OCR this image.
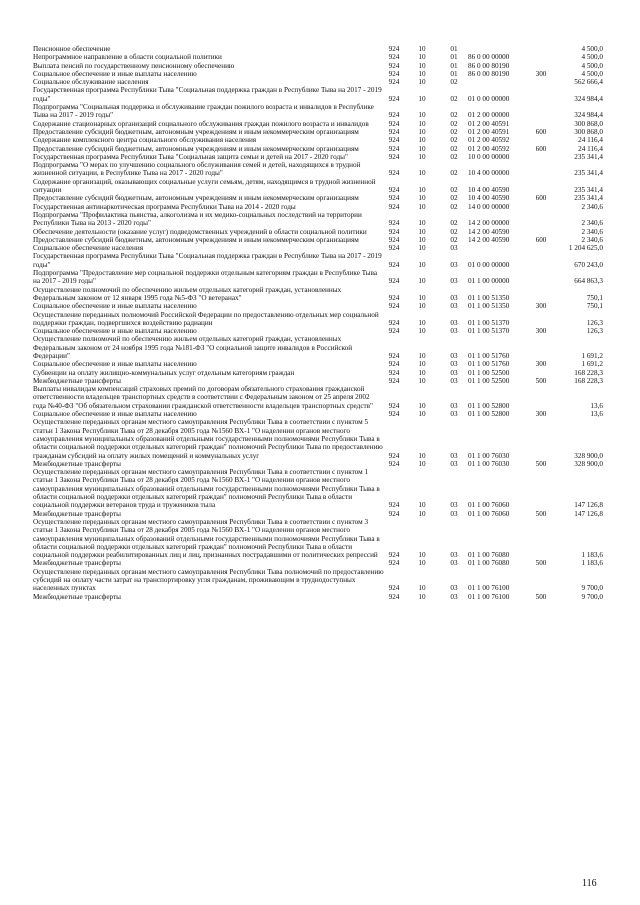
Пенсионное обеспечение	924	10	01			4 500,0
Непрограммное направление в области социальной политики	924	10	01	86 0 00 00000		4 500,0
Выплата пенсий по государственному пенсионному обеспечению	924	10	01	86 0 00 80190		4 500,0
Социальное обеспечение и иные выплаты населению	924	10	01	86 0 00 80190	300	4 500,0
Социальное обслуживание населения	924	10	02			562 666,4
Государственная программа Республики Тыва "Социальная поддержка граждан в Республике Тыва на 2017 - 2019 годы"	924	10	02	01 0 00 00000		324 984,4
Подпрограмма "Социальная поддержка и обслуживание граждан пожилого возраста и инвалидов в Республике Тыва на 2017 - 2019 годы"	924	10	02	01 2 00 00000		324 984,4
Содержание стационарных организаций социального обслуживания граждан пожилого возраста и инвалидов	924	10	02	01 2 00 40591		300 868,0
Предоставление субсидий бюджетным, автономным учреждениям и иным некоммерческим организациям	924	10	02	01 2 00 40591	600	300 868,0
Содержание комплексного центра социального обслуживания населения	924	10	02	01 2 00 40592		24 116,4
Предоставление субсидий бюджетным, автономным учреждениям и иным некоммерческим организациям	924	10	02	01 2 00 40592	600	24 116,4
Государственная программа Республики Тыва "Социальная защита семьи и детей на 2017 - 2020 годы"	924	10	02	10 0 00 00000		235 341,4
Подпрограмма "О мерах по улучшению социального обслуживания семей и детей, находящихся в трудной жизненной ситуации, в Республике Тыва на 2017 - 2020 годы"	924	10	02	10 4 00 00000		235 341,4
Содержание организаций, оказывающих социальные услуги семьям, детям, находящимся в трудной жизненной ситуации	924	10	02	10 4 00 40590		235 341,4
Предоставление субсидий бюджетным, автономным учреждениям и иным некоммерческим организациям	924	10	02	10 4 00 40590	600	235 341,4
Государственная антинаркотическая программа Республики Тыва на 2014 - 2020 годы	924	10	02	14 0 00 00000		2 340,6
Подпрограмма "Профилактика пьянства, алкоголизма и их медико-социальных последствий на территории Республики Тыва на 2013 - 2020 годы"	924	10	02	14 2 00 00000		2 340,6
Обеспечение деятельности (оказание услуг) подведомственных учреждений в области социальной политики	924	10	02	14 2 00 40590		2 340,6
Предоставление субсидий бюджетным, автономным учреждениям и иным некоммерческим организациям	924	10	02	14 2 00 40590	600	2 340,6
Социальное обеспечение населения	924	10	03			1 204 625,0
Государственная программа Республики Тыва "Социальная поддержка граждан в Республике Тыва на 2017 - 2019 годы"	924	10	03	01 0 00 00000		670 243,0
Подпрограмма "Предоставление мер социальной поддержки отдельным категориям граждан в Республике Тыва на 2017 - 2019 годы"	924	10	03	01 1 00 00000		664 863,3
Осуществление полномочий по обеспечению жильем отдельных категорий граждан, установленных Федеральным законом от 12 января 1995 года №5-ФЗ "О ветеранах"	924	10	03	01 1 00 51350		750,1
Социальное обеспечение и иные выплаты населению	924	10	03	01 1 00 51350	300	750,1
Осуществление переданных полномочий Российской Федерации по предоставлению отдельных мер социальной поддержки граждан, подвергшихся воздействию радиации	924	10	03	01 1 00 51370		126,3
Социальное обеспечение и иные выплаты населению	924	10	03	01 1 00 51370	300	126,3
Осуществление полномочий по обеспечению жильем отдельных категорий граждан, установленных Федеральным законом от 24 ноября 1995 года №181-ФЗ "О социальной защите инвалидов в Российской Федерации"	924	10	03	01 1 00 51760		1 691,2
Социальное обеспечение и иные выплаты населению	924	10	03	01 1 00 51760	300	1 691,2
Субвенции на оплату жилищно-коммунальных услуг отдельным категориям граждан	924	10	03	01 1 00 52500		168 228,3
Межбюджетные трансферты	924	10	03	01 1 00 52500	500	168 228,3
Выплаты инвалидам компенсаций страховых премий по договорам обязательного страхования гражданской ответственности владельцев транспортных средств в соответствии с Федеральным законом от 25 апреля 2002 года №40-ФЗ "Об обязательном страховании гражданской ответственности владельцев транспортных средств"	924	10	03	01 1 00 52800		13,6
Социальное обеспечение и иные выплаты населению	924	10	03	01 1 00 52800	300	13,6
Осуществление переданных органам местного самоуправления Республики Тыва в соответствии с пунктом 5 статьи 1 Закона Республики Тыва от 28 декабря 2005 года №1560 ВХ-1 "О наделении органов местного самоуправления муниципальных образований отдельными государственными полномочиями Республики Тыва в области социальной поддержки отдельных категорий граждан" полномочий Республики Тыва по предоставлению гражданам субсидий на оплату жилых помещений и коммунальных услуг	924	10	03	01 1 00 76030		328 900,0
Межбюджетные трансферты	924	10	03	01 1 00 76030	500	328 900,0
Осуществление переданных органам местного самоуправления Республики Тыва в соответствии с пунктом 1 статьи 1 Закона Республики Тыва от 28 декабря 2005 года №1560 ВХ-1 "О наделении органов местного самоуправления муниципальных образований отдельными государственными полномочиями Республики Тыва в области социальной поддержки отдельных категорий граждан" полномочий Республики Тыва в области социальной поддержки ветеранов труда и тружеников тыла	924	10	03	01 1 00 76060		147 126,8
Межбюджетные трансферты	924	10	03	01 1 00 76060	500	147 126,8
Осуществление переданных органам местного самоуправления Республики Тыва в соответствии с пунктом 3 статьи 1 Закона Республики Тыва от 28 декабря 2005 года №1560 ВХ-1 "О наделении органов местного самоуправления муниципальных образований отдельными государственными полномочиями Республики Тыва в области социальной поддержки отдельных категорий граждан" полномочий Республики Тыва в области социальной поддержки реабилитированных лиц и лиц, признанных пострадавшими от политических репрессий	924	10	03	01 1 00 76080		1 183,6
Межбюджетные трансферты	924	10	03	01 1 00 76080	500	1 183,6
Осуществление переданных органам местного самоуправления Республики Тыва полномочий по предоставлению субсидий на оплату части затрат на транспортировку угля гражданам, проживающим в труднодоступных населенных пунктах	924	10	03	01 1 00 76100		9 700,0
Межбюджетные трансферты	924	10	03	01 1 00 76100	500	9 700,0
116
